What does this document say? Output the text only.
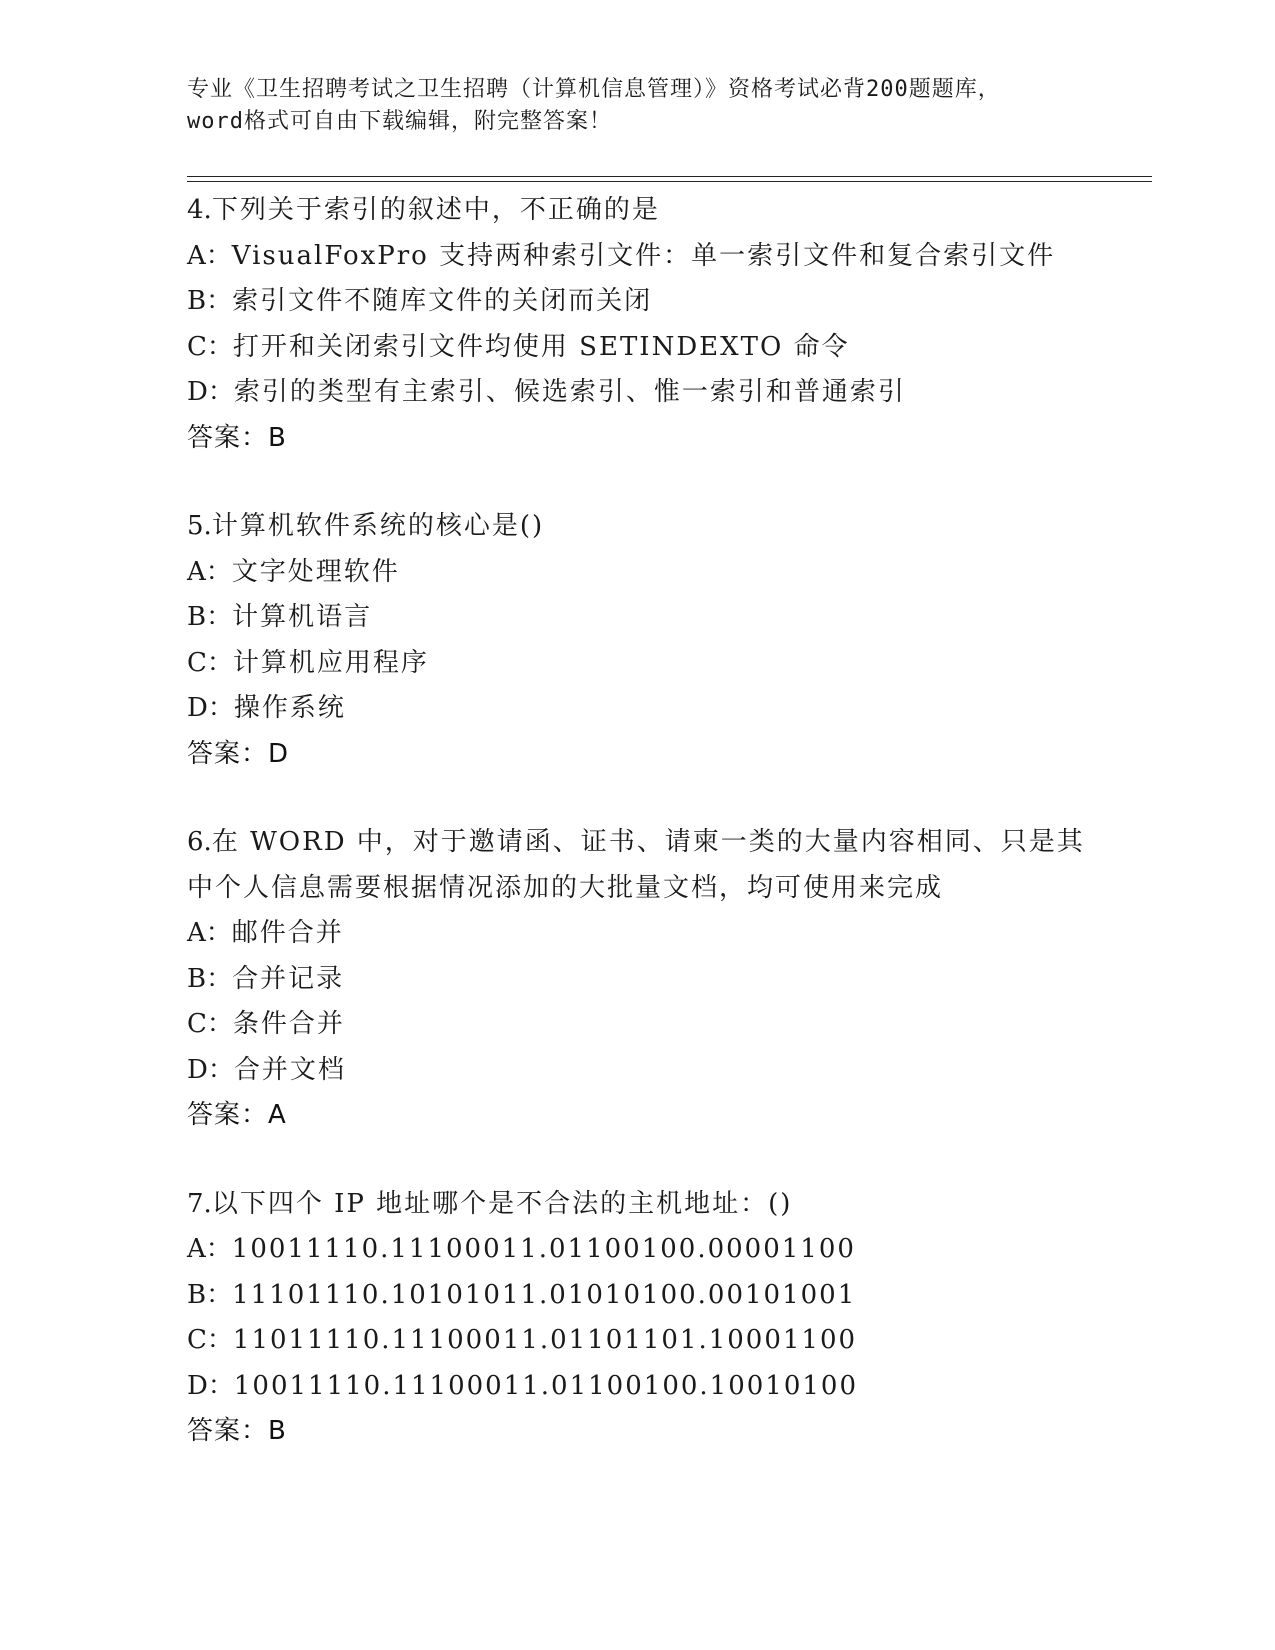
专业《卫生招聘考试之卫生招聘（计算机信息管理）》资格考试必背200题题库，
word格式可自由下载编辑，附完整答案！
4.下列关于索引的叙述中，不正确的是
A：VisualFoxPro 支持两种索引文件：单一索引文件和复合索引文件
B：索引文件不随库文件的关闭而关闭
C：打开和关闭索引文件均使用 SETINDEXTO 命令
D：索引的类型有主索引、候选索引、惟一索引和普通索引
答案：B
5.计算机软件系统的核心是()
A：文字处理软件
B：计算机语言
C：计算机应用程序
D：操作系统
答案：D
6.在 WORD 中，对于邀请函、证书、请柬一类的大量内容相同、只是其
中个人信息需要根据情况添加的大批量文档，均可使用来完成
A：邮件合并
B：合并记录
C：条件合并
D：合并文档
答案：A
7.以下四个 IP 地址哪个是不合法的主机地址：()
A：10011110.11100011.01100100.00001100
B：11101110.10101011.01010100.00101001
C：11011110.11100011.01101101.10001100
D：10011110.11100011.01100100.10010100
答案：B
